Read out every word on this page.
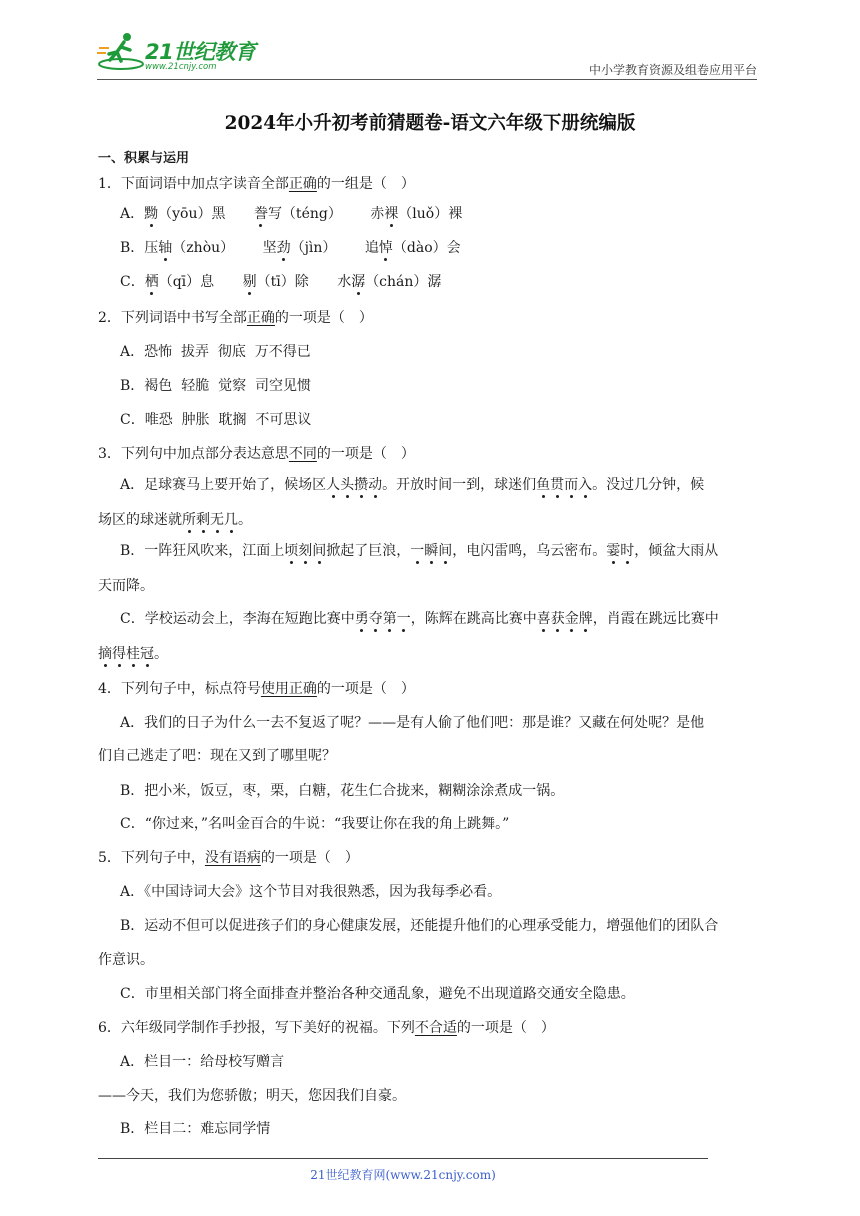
21世纪教育
www.21cnjy.com	中小学教育资源及组卷应用平台
2024年小升初考前猜题卷-语文六年级下册统编版
一、积累与运用
1．下面词语中加点字读音全部正确的一组是（　）
A．黝（yōu）黑 誊写（téng） 赤裸（luǒ）裸
B．压轴（zhòu） 坚劲（jìn） 追悼（dào）会
C．栖（qī）息 剔（tī）除 水潺（chán）潺
2．下列词语中书写全部正确的一项是（　）
A．恐怖  拔弄  彻底  万不得已
B．褐色  轻脆  觉察  司空见惯
C．唯恐  肿胀  耽搁  不可思议
3．下列句中加点部分表达意思不同的一项是（　）
A．足球赛马上要开始了，候场区人头攒动。开放时间一到，球迷们鱼贯而入。没过几分钟，候
场区的球迷就所剩无几。
B．一阵狂风吹来，江面上顷刻间掀起了巨浪，一瞬间，电闪雷鸣，乌云密布。霎时，倾盆大雨从
天而降。
C．学校运动会上，李海在短跑比赛中勇夺第一，陈辉在跳高比赛中喜获金牌，肖霞在跳远比赛中
摘得桂冠。
4．下列句子中，标点符号使用正确的一项是（　）
A．我们的日子为什么一去不复返了呢？——是有人偷了他们吧：那是谁？又藏在何处呢？是他
们自己逃走了吧：现在又到了哪里呢？
B．把小米，饭豆，枣，栗，白糖，花生仁合拢来，糊糊涂涂煮成一锅。
C．“你过来，”名叫金百合的牛说：“我要让你在我的角上跳舞。”
5．下列句子中，没有语病的一项是（　）
A．《中国诗词大会》这个节目对我很熟悉，因为我每季必看。
B．运动不但可以促进孩子们的身心健康发展，还能提升他们的心理承受能力，增强他们的团队合
作意识。
C．市里相关部门将全面排查并整治各种交通乱象，避免不出现道路交通安全隐患。
6．六年级同学制作手抄报，写下美好的祝福。下列不合适的一项是（　）
A．栏目一：给母校写赠言
——今天，我们为您骄傲；明天，您因我们自豪。
B．栏目二：难忘同学情
21世纪教育网(www.21cnjy.com)
